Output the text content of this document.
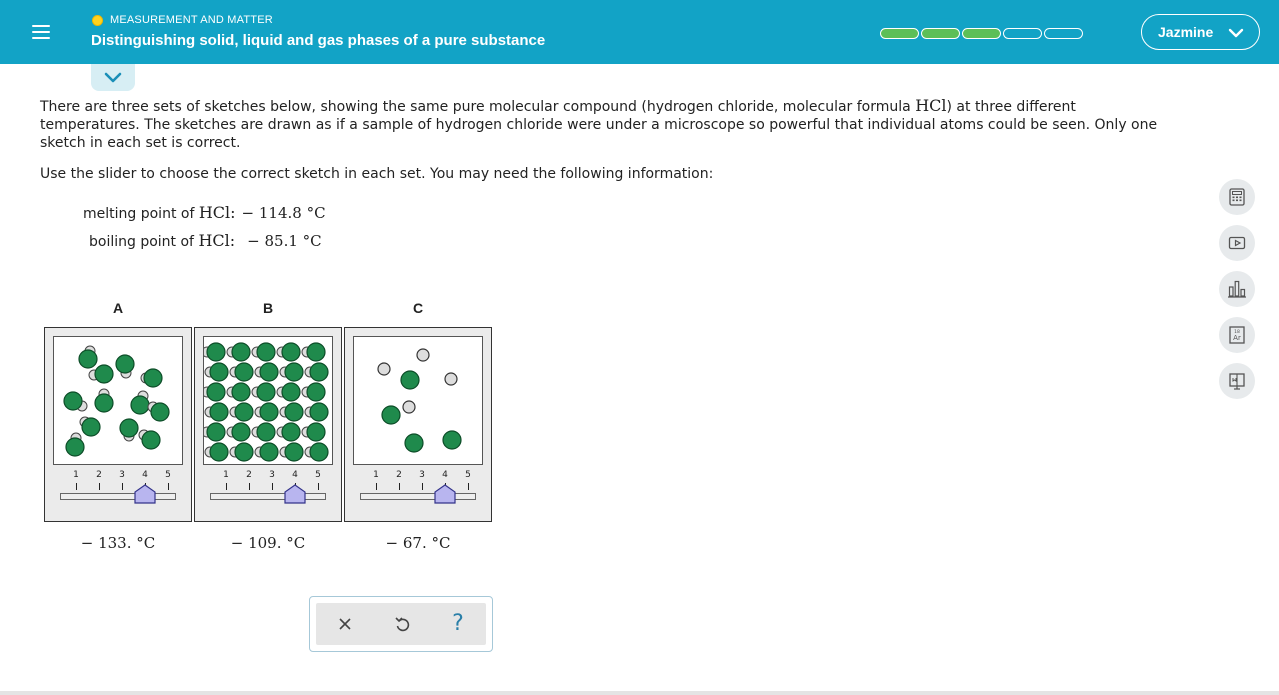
MEASUREMENT AND MATTER
Distinguishing solid, liquid and gas phases of a pure substance	Jazmine
There are three sets of sketches below, showing the same pure molecular compound (hydrogen chloride, molecular formula HCl) at three different temperatures. The sketches are drawn as if a sample of hydrogen chloride were under a microscope so powerful that individual atoms could be seen. Only one sketch in each set is correct.
Use the slider to choose the correct sketch in each set. You may need the following information:
melting point of HCl: − 114.8 °C
boiling point of HCl: − 85.1 °C
A	B	C
1	2	3	4	5	1	2	3	4	5	1	2	3	4	5
− 133. °C	− 109. °C	− 67. °C
?
18
Ar
